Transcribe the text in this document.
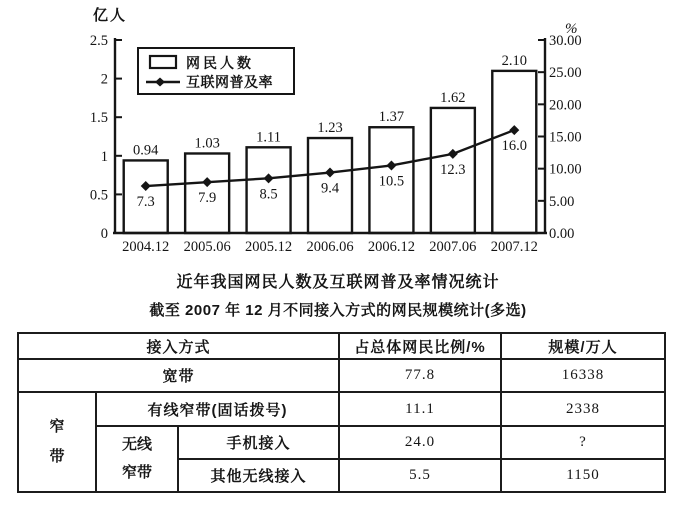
0.94 1.03	1.11
1.23
1.37
1.62
2.10
7.3	7.9	8.5	9.4	10.5
12.3
16.0
0
0.5
1
1.5
2
2.5
0.00
5.00
10.00
15.00
20.00
25.00
30.00
亿人
%
2004.12 2005.06 2005.12 2006.06 2006.12 2007.06 2007.12
网民人数
互联网普及率
近年我国网民人数及互联网普及率情况统计
截至 2007 年 12 月不同接入方式的网民规模统计(多选)
接入方式			占总体网民比例/%	规模/万人
宽带			77.8	16338
窄带	有线窄带(固话拨号)		11.1	2338
	无线窄带	手机接入	24.0	?
		其他无线接入	5.5	1150
